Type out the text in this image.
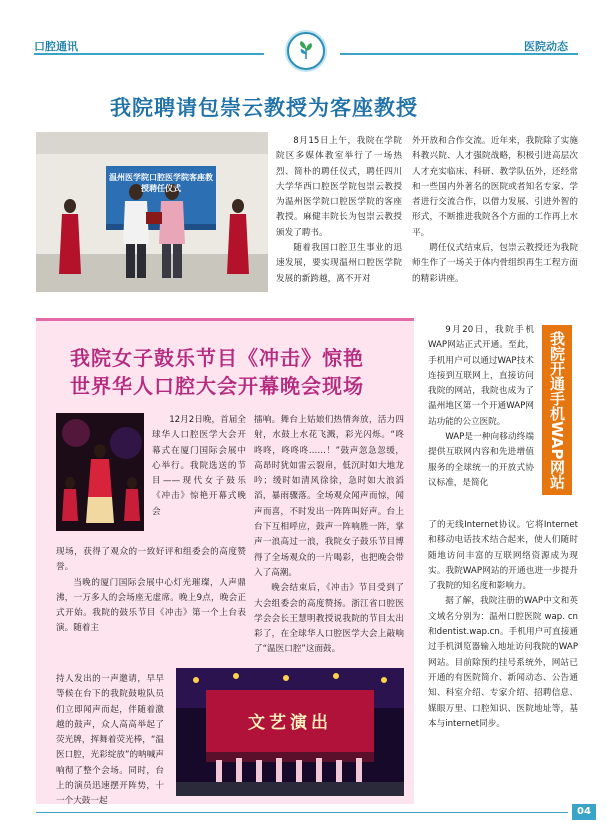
口腔通讯	医院动态
我院聘请包崇云教授为客座教授
温州医学院口腔医学院客座教授聘任仪式

8月15日上午，我院在学院院区多媒体教室举行了一场热烈、简朴的聘任仪式，聘任四川大学华西口腔医学院包崇云教授为温州医学院口腔医学院的客座教授。麻健丰院长为包崇云教授颁发了聘书。

随着我国口腔卫生事业的迅速发展，要实现温州口腔医学院发展的新跨越，离不开对

外开放和合作交流。近年来，我院除了实施科教兴院、人才强院战略，积极引进高层次人才充实临床、科研、教学队伍外，还经常和一些国内外著名的医院或者知名专家、学者进行交流合作，以借力发展、引进外智的形式，不断推进我院各个方面的工作再上水平。

聘任仪式结束后，包崇云教授还为我院师生作了一场关于体内骨组织再生工程方面的精彩讲座。

我院女子鼓乐节目《冲击》惊艳
世界华人口腔大会开幕晚会现场

12月2日晚，首届全球华人口腔医学大会开幕式在厦门国际会展中心举行。我院选送的节目——现代女子鼓乐《冲击》惊艳开幕式晚会

现场，获得了观众的一致好评和组委会的高度赞誉。

当晚的厦门国际会展中心灯光璀璨，人声鼎沸，一万多人的会场座无虚席。晚上9点，晚会正式开始。我院的鼓乐节目《冲击》第一个上台表演。随着主

持人发出的一声邀请，早早等候在台下的我院鼓啦队员们立即闻声而起，伴随着激越的鼓声，众人高高举起了荧光牌，挥舞着荧光棒，“温医口腔，光彩绽放”的呐喊声响彻了整个会场。同时，台上的演员迅速摆开阵势，十一个大鼓一起

擂响。舞台上姑娘们热情奔放，活力四射，水鼓上水花飞溅，彩光闪烁。“咚咚咚，咚咚咚……！”鼓声忽急忽缓，高昂时犹如雷云裂帛，低沉时如大地龙吟；缓时如清风徐徐，急时如大浪滔滔，暴雨骤落。全场观众闻声而惊，闻声而喜，不时发出一阵阵叫好声。台上台下互相呼应，鼓声一阵响胜一阵，掌声一浪高过一浪，我院女子鼓乐节目博得了全场观众的一片喝彩，也把晚会带入了高潮。

晚会结束后，《冲击》节目受到了大会组委会的高度赞扬。浙江省口腔医学会会长王慧明教授说我院的节目太出彩了，在全球华人口腔医学大会上敲响了“温医口腔”这面鼓。

文艺演出
我院开通手机WAP网站

9月20日，我院手机WAP网站正式开通。至此，手机用户可以通过WAP技术连接到互联网上，直接访问我院的网站，我院也成为了温州地区第一个开通WAP网站功能的公立医院。

WAP是一种向移动终端提供互联网内容和先进增值服务的全球统一的开放式协议标准，是简化

了的无线Internet协议。它将Internet和移动电话技术结合起来，使人们随时随地访问丰富的互联网络资源成为现实。我院WAP网站的开通也进一步提升了我院的知名度和影响力。

据了解，我院注册的WAP中文和英文域名分别为：温州口腔医院 wap. cn和dentist.wap.cn。手机用户可直接通过手机浏览器输入地址访问我院的WAP网站。目前除预约挂号系统外，网站已开通的有医院简介、新闻动态、公告通知、科室介绍、专家介绍、招聘信息、媒眼万里、口腔知识、医院地址等，基本与internet同步。

04
